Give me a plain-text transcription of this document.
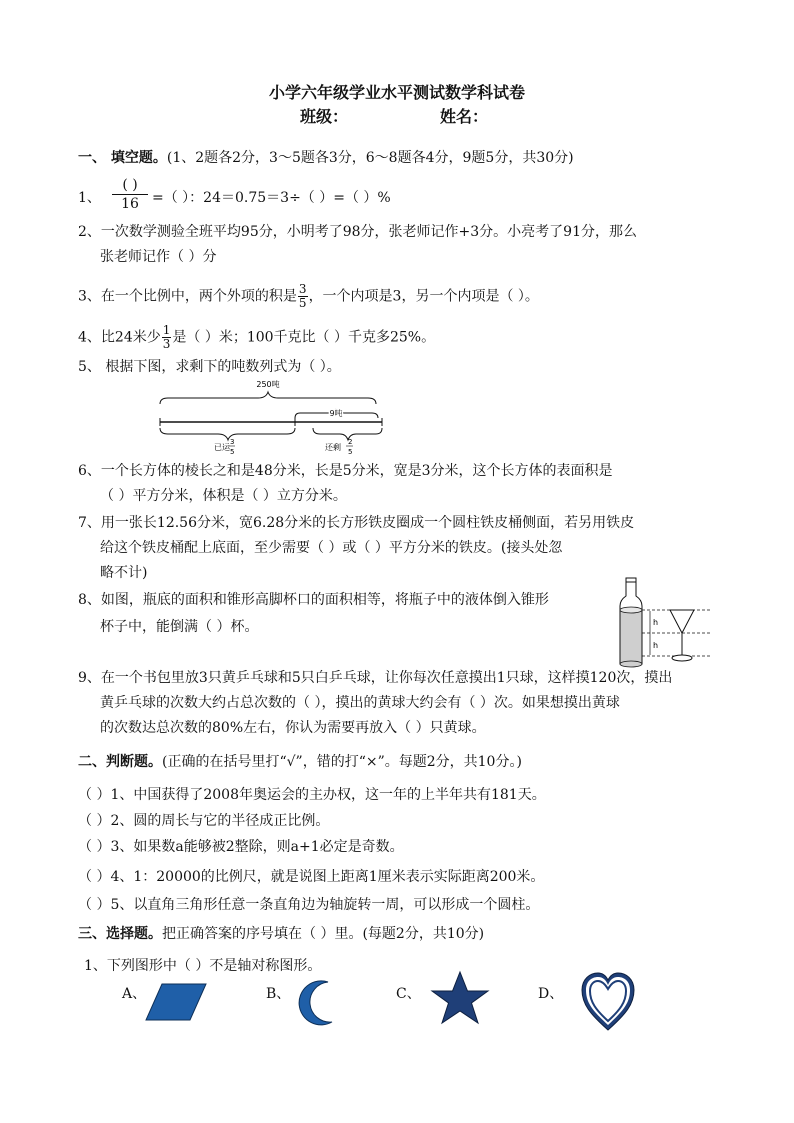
小学六年级学业水平测试数学科试卷
班级：	姓名：
一、 填空题。(1、2题各2分，3～5题各3分，6～8题各4分，9题5分，共30分)
1、
( )
16 =（ ）：24＝0.75＝3÷（ ）=（ ）%
2、一次数学测验全班平均95分，小明考了98分，张老师记作+3分。小亮考了91分，那么
张老师记作（ ）分
3、在一个比例中，两个外项的积是 $\frac{3}{5}$ ，一个内项是3，另一个内项是（ ）。
4、比24米少 $\frac{1}{3}$ 是（ ）米；100千克比（ ）千克多25%。
5、 根据下图，求剩下的吨数列式为（ ）。
250吨
9吨
已运
3
5	还剩
2
5
6、一个长方体的棱长之和是48分米，长是5分米，宽是3分米，这个长方体的表面积是
（ ）平方分米，体积是（ ）立方分米。
7、用一张长12.56分米，宽6.28分米的长方形铁皮圈成一个圆柱铁皮桶侧面，若另用铁皮
给这个铁皮桶配上底面，至少需要（ ）或（ ）平方分米的铁皮。(接头处忽
略不计)
8、如图，瓶底的面积和锥形高脚杯口的面积相等，将瓶子中的液体倒入锥形
杯子中，能倒满（ ）杯。	h
h
9、在一个书包里放3只黄乒乓球和5只白乒乓球，让你每次任意摸出1只球，这样摸120次，摸出
黄乒乓球的次数大约占总次数的（ ），摸出的黄球大约会有（ ）次。如果想摸出黄球
的次数达总次数的80%左右，你认为需要再放入（ ）只黄球。
二、判断题。(正确的在括号里打“√”，错的打“×”。每题2分，共10分。)
（ ）1、中国获得了2008年奥运会的主办权，这一年的上半年共有181天。
（ ）2、圆的周长与它的半径成正比例。
（ ）3、如果数a能够被2整除，则a+1必定是奇数。
（ ）4、1：20000的比例尺，就是说图上距离1厘米表示实际距离200米。
（ ）5、以直角三角形任意一条直角边为轴旋转一周，可以形成一个圆柱。
三、选择题。把正确答案的序号填在（ ）里。(每题2分，共10分)
1、下列图形中（ ）不是轴对称图形。
A、	B、	C、	D、
